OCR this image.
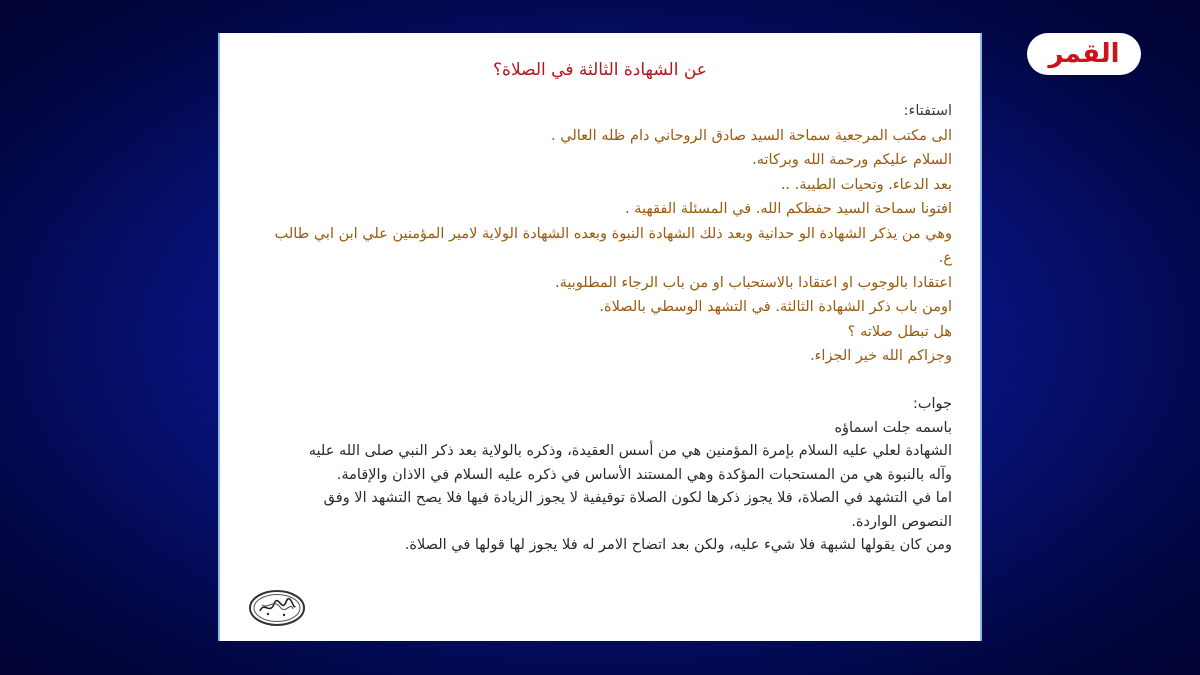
القمر
عن الشهادة الثالثة في الصلاة؟
استفتاء:
الى مكتب المرجعية سماحة السيد صادق الروحاني دام ظله العالي .
السلام عليكم ورحمة الله وبركاته.
بعد الدعاء. وتحيات الطيبة. ..
افتونا سماحة السيد حفظكم الله. في المسئلة الفقهية .
وهي من يذكر الشهادة الو حدانية وبعد ذلك الشهادة النبوة وبعده الشهادة الولاية لامير المؤمنين علي ابن ابي طالب
ع.
اعتقادا بالوجوب او اعتقادا بالاستحباب او من باب الرجاء المطلوبية.
اومن باب ذكر الشهادة الثالثة. في التشهد الوسطي بالصلاة.
هل تبطل صلاته ؟
وجزاكم الله خير الجزاء.
جواب:
باسمه جلت اسماؤه
الشهادة لعلي عليه السلام بإمرة المؤمنين هي من أسس العقيدة، وذكره بالولاية بعد ذكر النبي صلى الله عليه
وآله بالنبوة هي من المستحبات المؤكدة وهي المستند الأساس في ذكره عليه السلام في الاذان والإقامة.
اما في التشهد في الصلاة، فلا يجوز ذكرها لكون الصلاة توقيفية لا يجوز الزيادة فيها فلا يصح التشهد الا وفق
النصوص الواردة.
ومن كان يقولها لشبهة فلا شيء عليه، ولكن بعد اتضاح الامر له فلا يجوز لها قولها في الصلاة.
